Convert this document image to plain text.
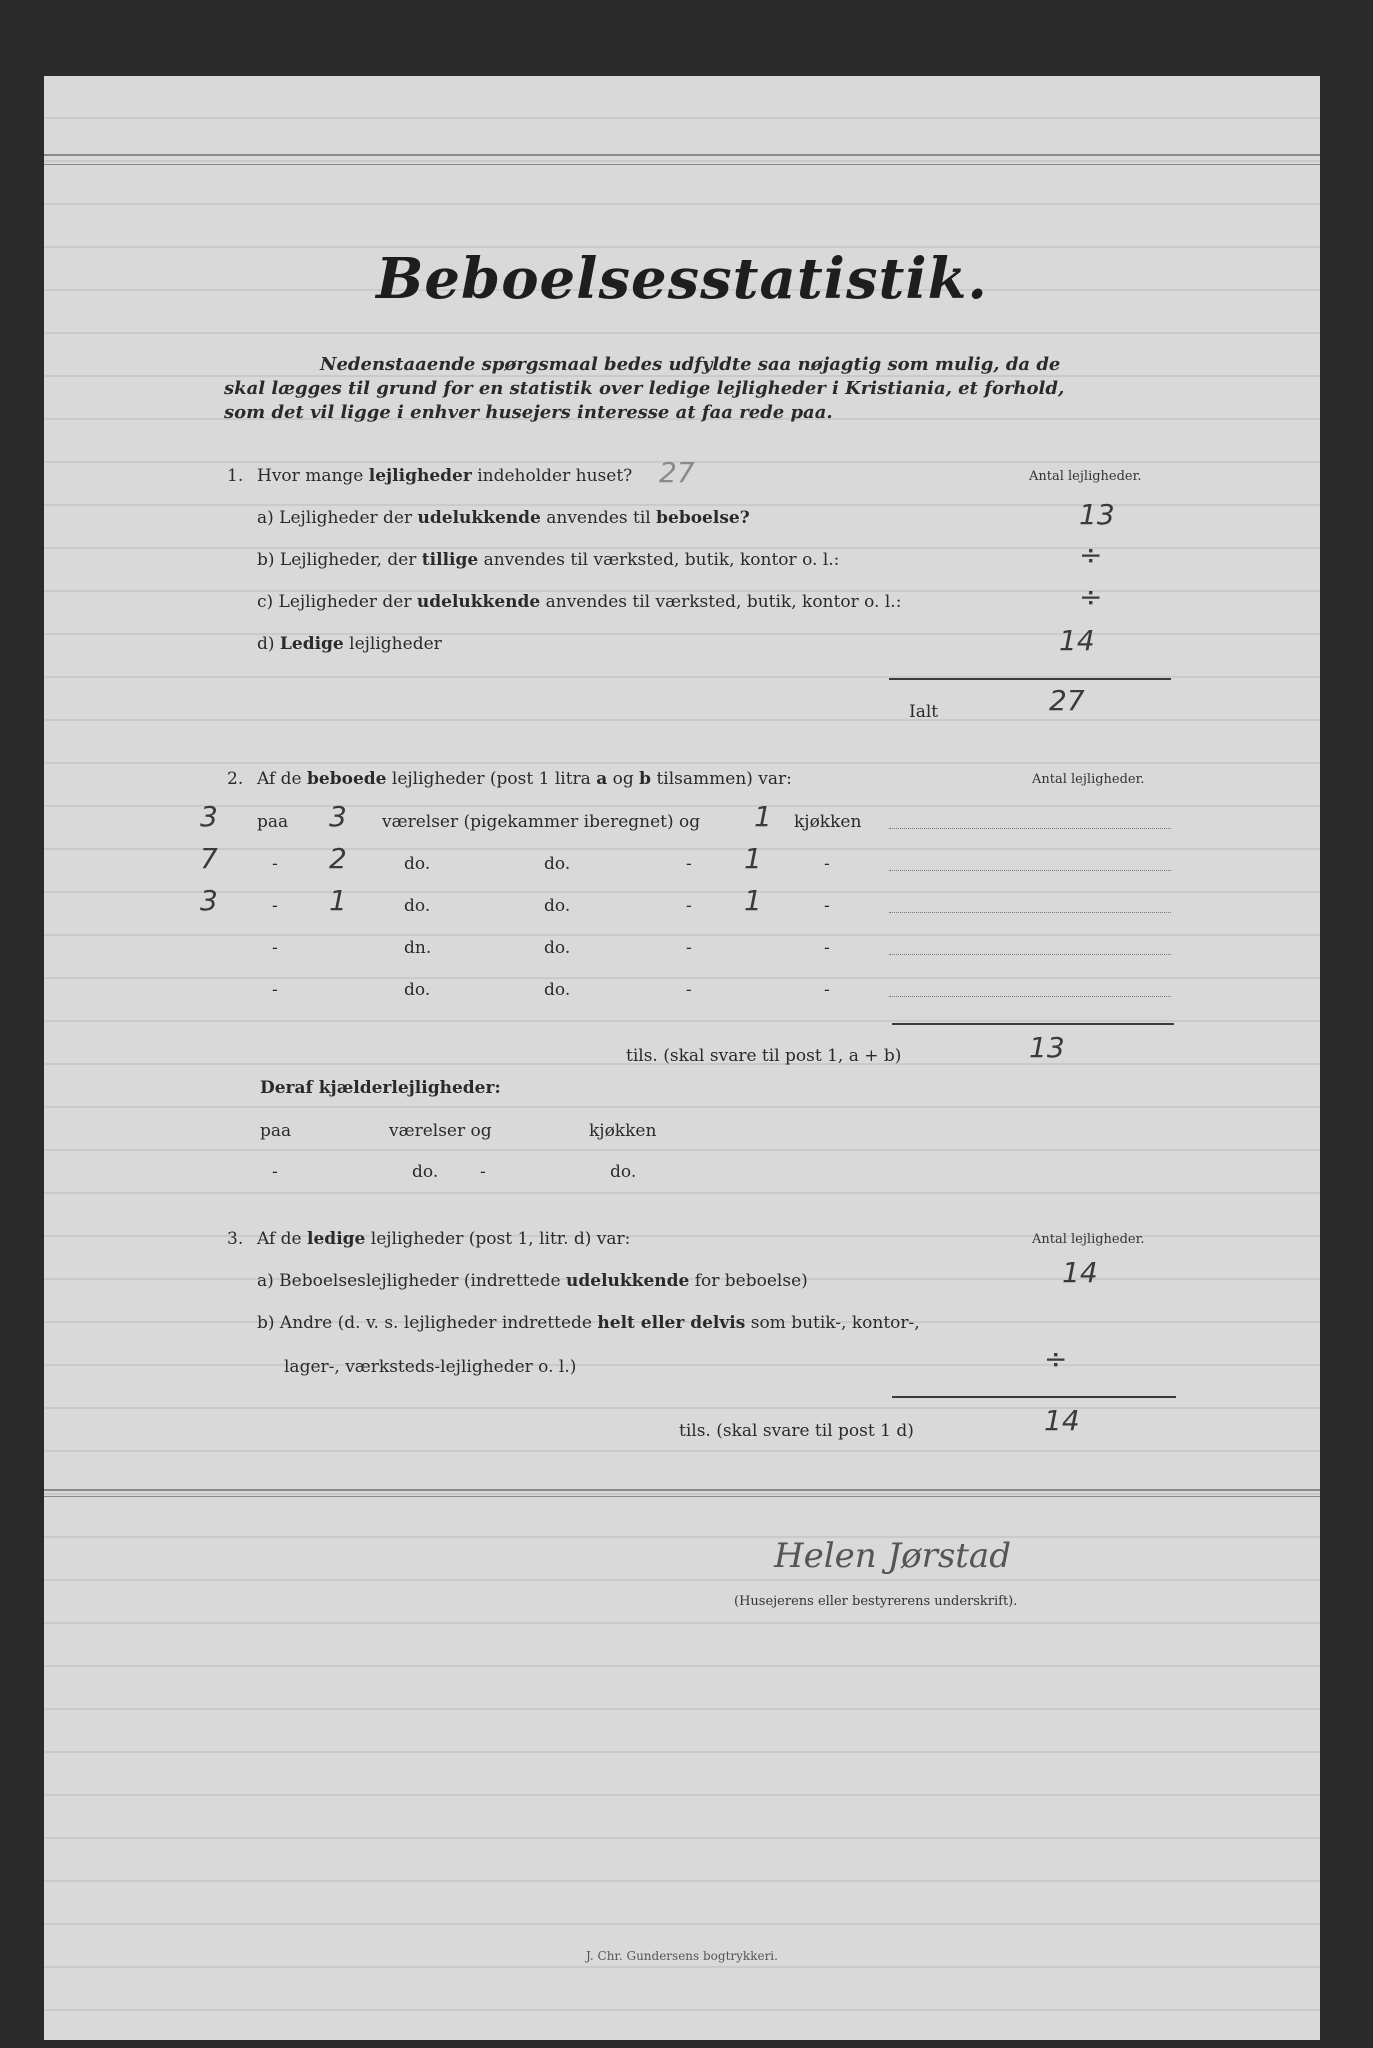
Beboelsesstatistik.
Nedenstaaende spørgsmaal bedes udfyldte saa nøjagtig som mulig, da de
skal lægges til grund for en statistik over ledige lejligheder i Kristiania, et forhold,
som det vil ligge i enhver husejers interesse at faa rede paa.
1. Hvor mange lejligheder indeholder huset? 27	Antal lejligheder.
a) Lejligheder der udelukkende anvendes til beboelse?	13
b) Lejligheder, der tillige anvendes til værksted, butik, kontor o. l.:	÷
c) Lejligheder der udelukkende anvendes til værksted, butik, kontor o. l.:	÷
d) Ledige lejligheder	14
Ialt	27
2. Af de beboede lejligheder (post 1 litra a og b tilsammen) var:	Antal lejligheder.
3 paa 3 værelser (pigekammer iberegnet) og 1 kjøkken
7	- 2	do.	do.	- 1	-
3	- 1	do.	do.	- 1	-
-	dn.	do.	-	-
-	do.	do.	-	-
tils. (skal svare til post 1, a + b)	13
Deraf kjælderlejligheder:
paa	værelser og	kjøkken
-	do. -	do.
3. Af de ledige lejligheder (post 1, litr. d) var:	Antal lejligheder.
a) Beboelseslejligheder (indrettede udelukkende for beboelse)	14
b) Andre (d. v. s. lejligheder indrettede helt eller delvis som butik-, kontor-,
lager-, værksteds-lejligheder o. l.)	÷
tils. (skal svare til post 1 d)	14
Helen Jørstad
(Husejerens eller bestyrerens underskrift).
J. Chr. Gundersens bogtrykkeri.
